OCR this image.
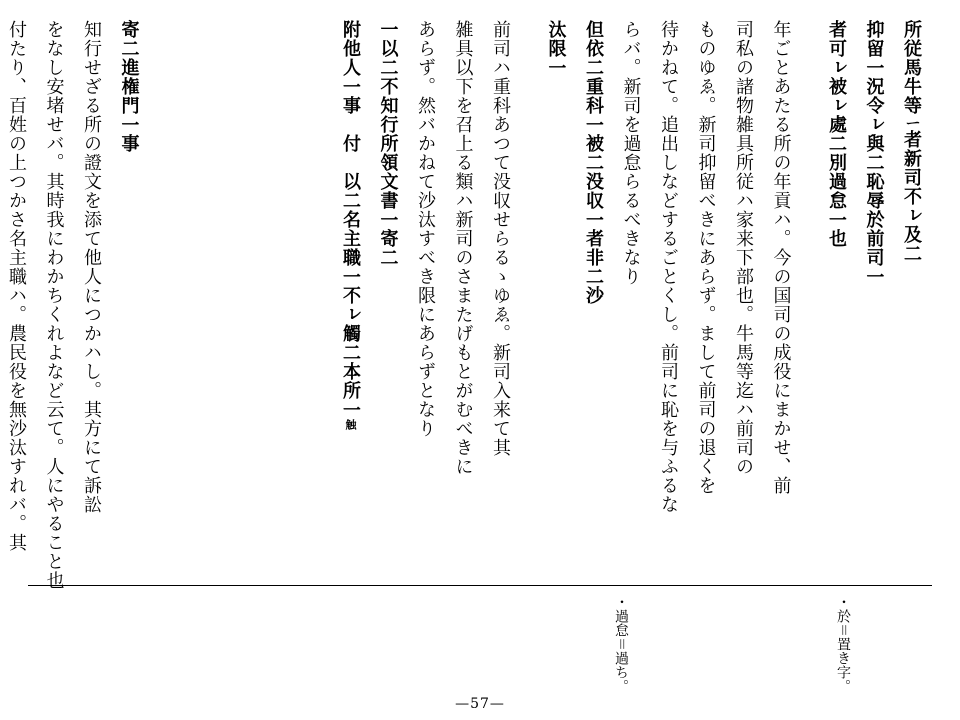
所従馬牛等ㄧ者新司不ㇾ及㆓
抑留㆒況令ㇾ與㆓恥辱於前司㆒
者可ㇾ被ㇾ處㆓別過怠㆒也
年ごとあたる所の年貢ハ。今の国司の成役にまかせ、前
司私の諸物雑具所従ハ家来下部也。牛馬等迄ハ前司の
ものゆゑ。新司抑留べきにあらず。まして前司の退くを
待かねて。追出しなどするごとくし。前司に恥を与ふるな
らバ。新司を過怠らるべきなり
但依㆓重科㆒被㆓没収㆒者非㆓沙
汰限㆒
前司ハ重科あつて没収せらるゝゆゑ。新司入来て其
雑具以下を召上る類ハ新司のさまたげもとがむべきに
あらず。然バかねて沙汰すべき限にあらずとなり
一以㆓不知行所領文書㆒寄㆓
附他人㆒事　付　以㆓名主職㆒不ㇾ觸㆓本所㆒触
寄㆓進権門㆒事
知行せざる所の證文を添て他人につかハし。其方にて訴訟
をなし安堵せバ。其時我にわかちくれよなど云て。人にやること也
付たり、百姓の上つかさ名主職ハ。農民役を無沙汰すれバ。其
・於＝置き字。
・過怠＝過ち。
—57—
